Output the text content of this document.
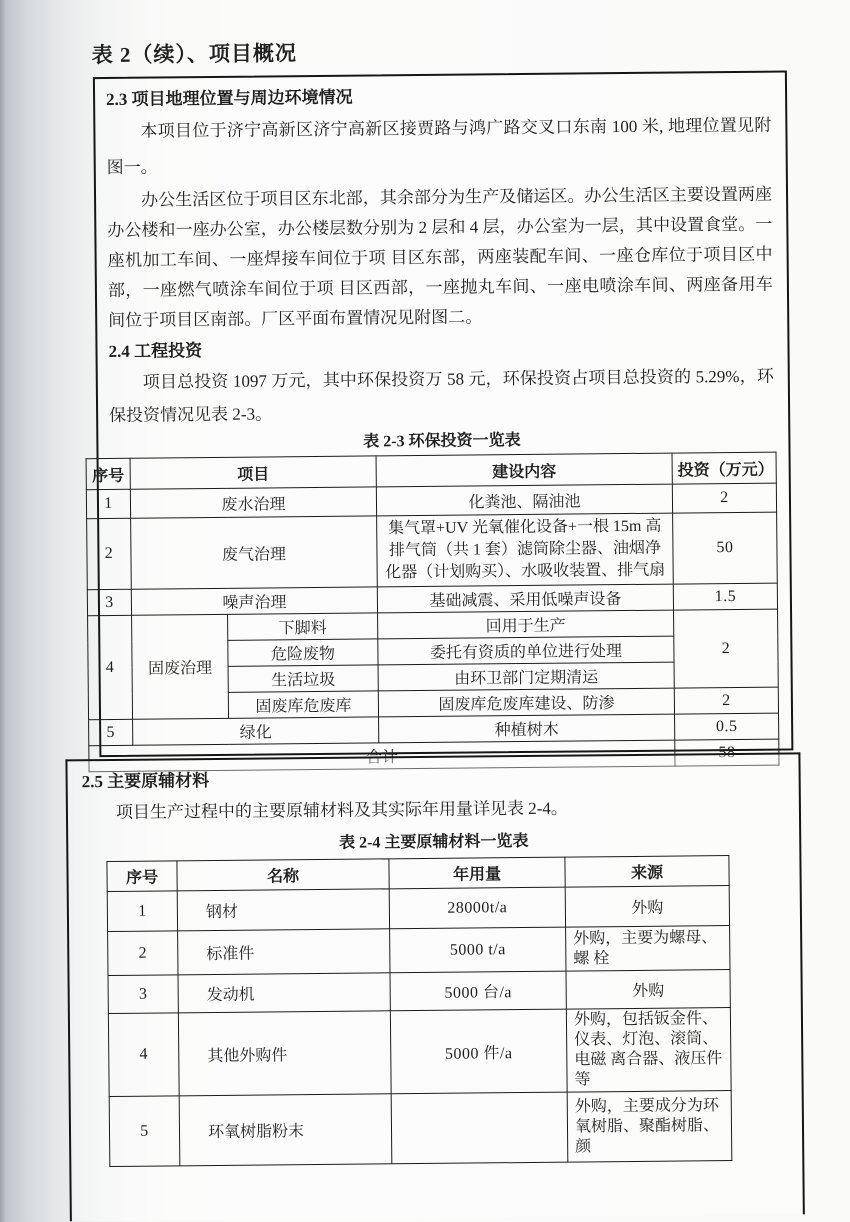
表 2（续）、项目概况
2.3 项目地理位置与周边环境情况

本项目位于济宁高新区济宁高新区接贾路与鸿广路交叉口东南 100 米, 地理位置见附图一。

办公生活区位于项目区东北部，其余部分为生产及储运区。办公生活区主要设置两座办公楼和一座办公室，办公楼层数分别为 2 层和 4 层，办公室为一层，其中设置食堂。一座机加工车间、一座焊接车间位于项 目区东部，两座装配车间、一座仓库位于项目区中部，一座燃气喷涂车间位于项 目区西部，一座抛丸车间、一座电喷涂车间、两座备用车间位于项目区南部。厂区平面布置情况见附图二。

2.4 工程投资

项目总投资 1097 万元，其中环保投资万 58 元，环保投资占项目总投资的 5.29%，环保投资情况见表 2-3。

表 2-3 环保投资一览表
序号	项目		建设内容	投资（万元）
1	废水治理		化粪池、隔油池	2
2	废气治理		集气罩+UV 光氧催化设备+一根 15m 高排气筒（共 1 套）滤筒除尘器、油烟净化器（计划购买）、水吸收装置、排气扇	50
3	噪声治理		基础减震、采用低噪声设备	1.5
4	固废治理	下脚料	回用于生产	2
		危险废物	委托有资质的单位进行处理	
		生活垃圾	由环卫部门定期清运	
		固废库危废库	固废库危废库建设、防渗	2
5	绿化		种植树木	0.5
合计				58
2.5 主要原辅材料

项目生产过程中的主要原辅材料及其实际年用量详见表 2-4。

表 2-4 主要原辅材料一览表
序号	名称	年用量	来源
1	钢材	28000t/a	外购
2	标准件	5000 t/a	外购，主要为螺母、螺 栓
3	发动机	5000 台/a	外购
4	其他外购件	5000 件/a	外购，包括钣金件、仪表、灯泡、滚筒、电磁 离合器、液压件等
5	环氧树脂粉末		外购，主要成分为环氧树脂、聚酯树脂、颜
